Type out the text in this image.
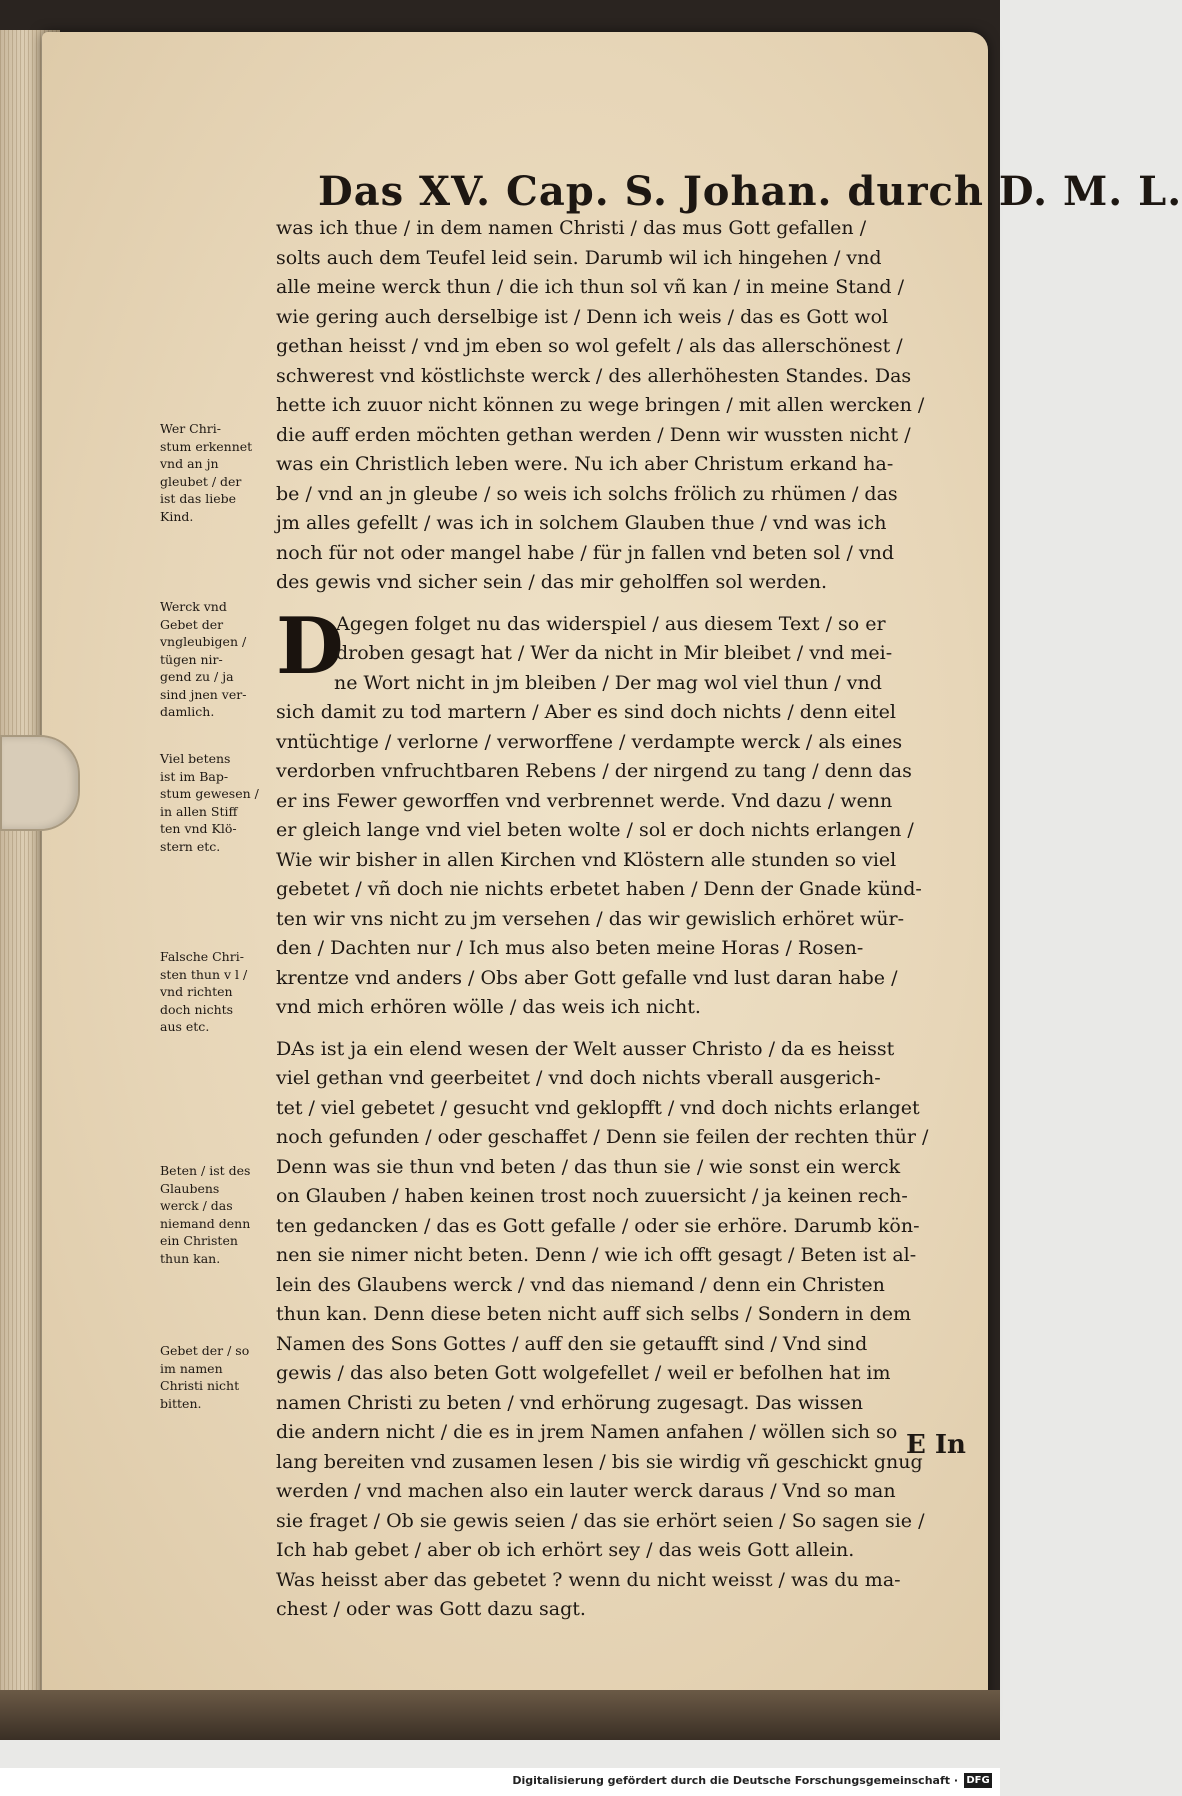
Das XV. Cap. S. Johan. durch D. M. L.
was ich thue / in dem namen Christi / das mus Gott gefallen /
solts auch dem Teufel leid sein. Darumb wil ich hingehen / vnd
alle meine werck thun / die ich thun sol vñ kan / in meine Stand /
wie gering auch derselbige ist / Denn ich weis / das es Gott wol
gethan heisst / vnd jm eben so wol gefelt / als das allerschönest /
schwerest vnd köstlichste werck / des allerhöhesten Standes. Das
hette ich zuuor nicht können zu wege bringen / mit allen wercken /
die auff erden möchten gethan werden / Denn wir wussten nicht /
was ein Christlich leben were. Nu ich aber Christum erkand ha-
be / vnd an jn gleube / so weis ich solchs frölich zu rhümen / das
jm alles gefellt / was ich in solchem Glauben thue / vnd was ich
noch für not oder mangel habe / für jn fallen vnd beten sol / vnd
des gewis vnd sicher sein / das mir geholffen sol werden.
D
Agegen folget nu das widerspiel / aus diesem Text / so er
droben gesagt hat / Wer da nicht in Mir bleibet / vnd mei-
ne Wort nicht in jm bleiben / Der mag wol viel thun / vnd
sich damit zu tod martern / Aber es sind doch nichts / denn eitel
vntüchtige / verlorne / verworffene / verdampte werck / als eines
verdorben vnfruchtbaren Rebens / der nirgend zu tang / denn das
er ins Fewer geworffen vnd verbrennet werde. Vnd dazu / wenn
er gleich lange vnd viel beten wolte / sol er doch nichts erlangen /
Wie wir bisher in allen Kirchen vnd Klöstern alle stunden so viel
gebetet / vñ doch nie nichts erbetet haben / Denn der Gnade künd-
ten wir vns nicht zu jm versehen / das wir gewislich erhöret wür-
den / Dachten nur / Ich mus also beten meine Horas / Rosen-
krentze vnd anders / Obs aber Gott gefalle vnd lust daran habe /
vnd mich erhören wölle / das weis ich nicht.
DAs ist ja ein elend wesen der Welt ausser Christo / da es heisst
viel gethan vnd geerbeitet / vnd doch nichts vberall ausgerich-
tet / viel gebetet / gesucht vnd geklopfft / vnd doch nichts erlanget
noch gefunden / oder geschaffet / Denn sie feilen der rechten thür /
Denn was sie thun vnd beten / das thun sie / wie sonst ein werck
on Glauben / haben keinen trost noch zuuersicht / ja keinen rech-
ten gedancken / das es Gott gefalle / oder sie erhöre. Darumb kön-
nen sie nimer nicht beten. Denn / wie ich offt gesagt / Beten ist al-
lein des Glaubens werck / vnd das niemand / denn ein Christen
thun kan. Denn diese beten nicht auff sich selbs / Sondern in dem
Namen des Sons Gottes / auff den sie getaufft sind / Vnd sind
gewis / das also beten Gott wolgefellet / weil er befolhen hat im
namen Christi zu beten / vnd erhörung zugesagt. Das wissen
die andern nicht / die es in jrem Namen anfahen / wöllen sich so
lang bereiten vnd zusamen lesen / bis sie wirdig vñ geschickt gnug
werden / vnd machen also ein lauter werck daraus / Vnd so man
sie fraget / Ob sie gewis seien / das sie erhört seien / So sagen sie /
Ich hab gebet / aber ob ich erhört sey / das weis Gott allein.
Was heisst aber das gebetet ? wenn du nicht weisst / was du ma-
chest / oder was Gott dazu sagt.
Wer Chri-
stum erkennet
vnd an jn
gleubet / der
ist das liebe
Kind.
Werck vnd
Gebet der
vngleubigen /
tügen nir-
gend zu / ja
sind jnen ver-
damlich.
Viel betens
ist im Bap-
stum gewesen /
in allen Stiff
ten vnd Klö-
stern etc.
Falsche Chri-
sten thun v l /
vnd richten
doch nichts
aus etc.
Beten / ist des
Glaubens
werck / das
niemand denn
ein Christen
thun kan.
Gebet der / so
im namen
Christi nicht
bitten.
E In
Digitalisierung gefördert durch die Deutsche Forschungsgemeinschaft · DFG
